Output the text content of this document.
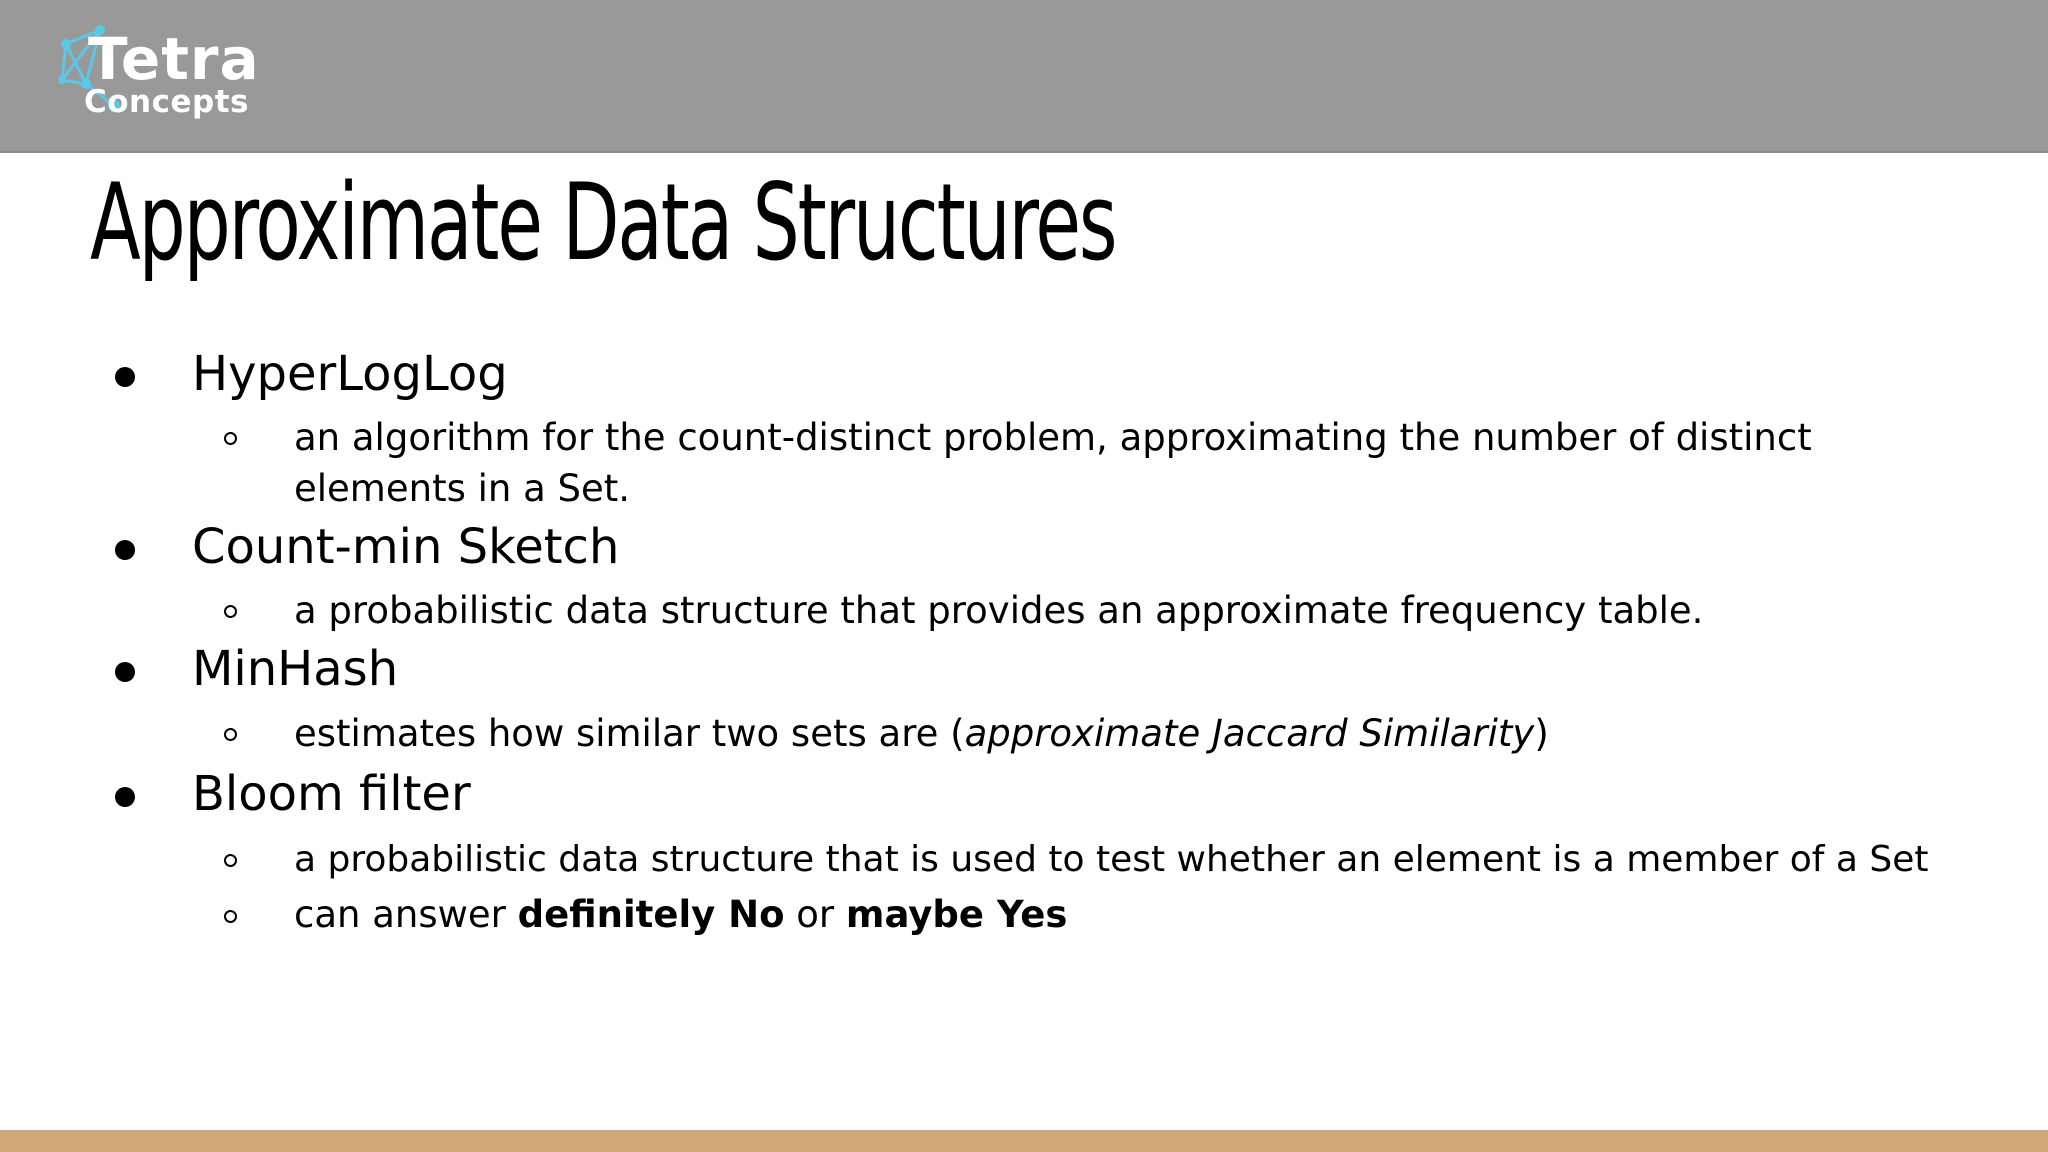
Tetra
Concepts
Approximate Data Structures
HyperLogLog
an algorithm for the count-distinct problem, approximating the number of distinct elements in a Set.
Count-min Sketch
a probabilistic data structure that provides an approximate frequency table.
MinHash
estimates how similar two sets are (approximate Jaccard Similarity)
Bloom filter
a probabilistic data structure that is used to test whether an element is a member of a Set
can answer definitely No or maybe Yes
